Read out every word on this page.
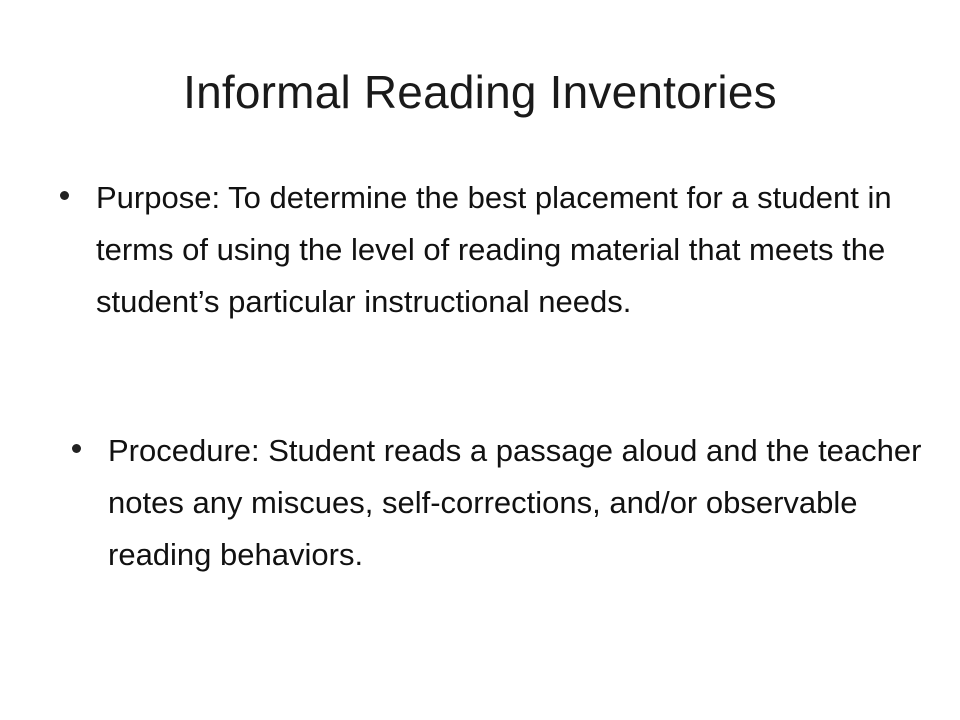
Informal Reading Inventories
Purpose: To determine the best placement for a student in terms of using the level of reading material that meets the student’s particular instructional needs.
Procedure: Student reads a passage aloud and the teacher notes any miscues, self-corrections, and/or observable reading behaviors.
